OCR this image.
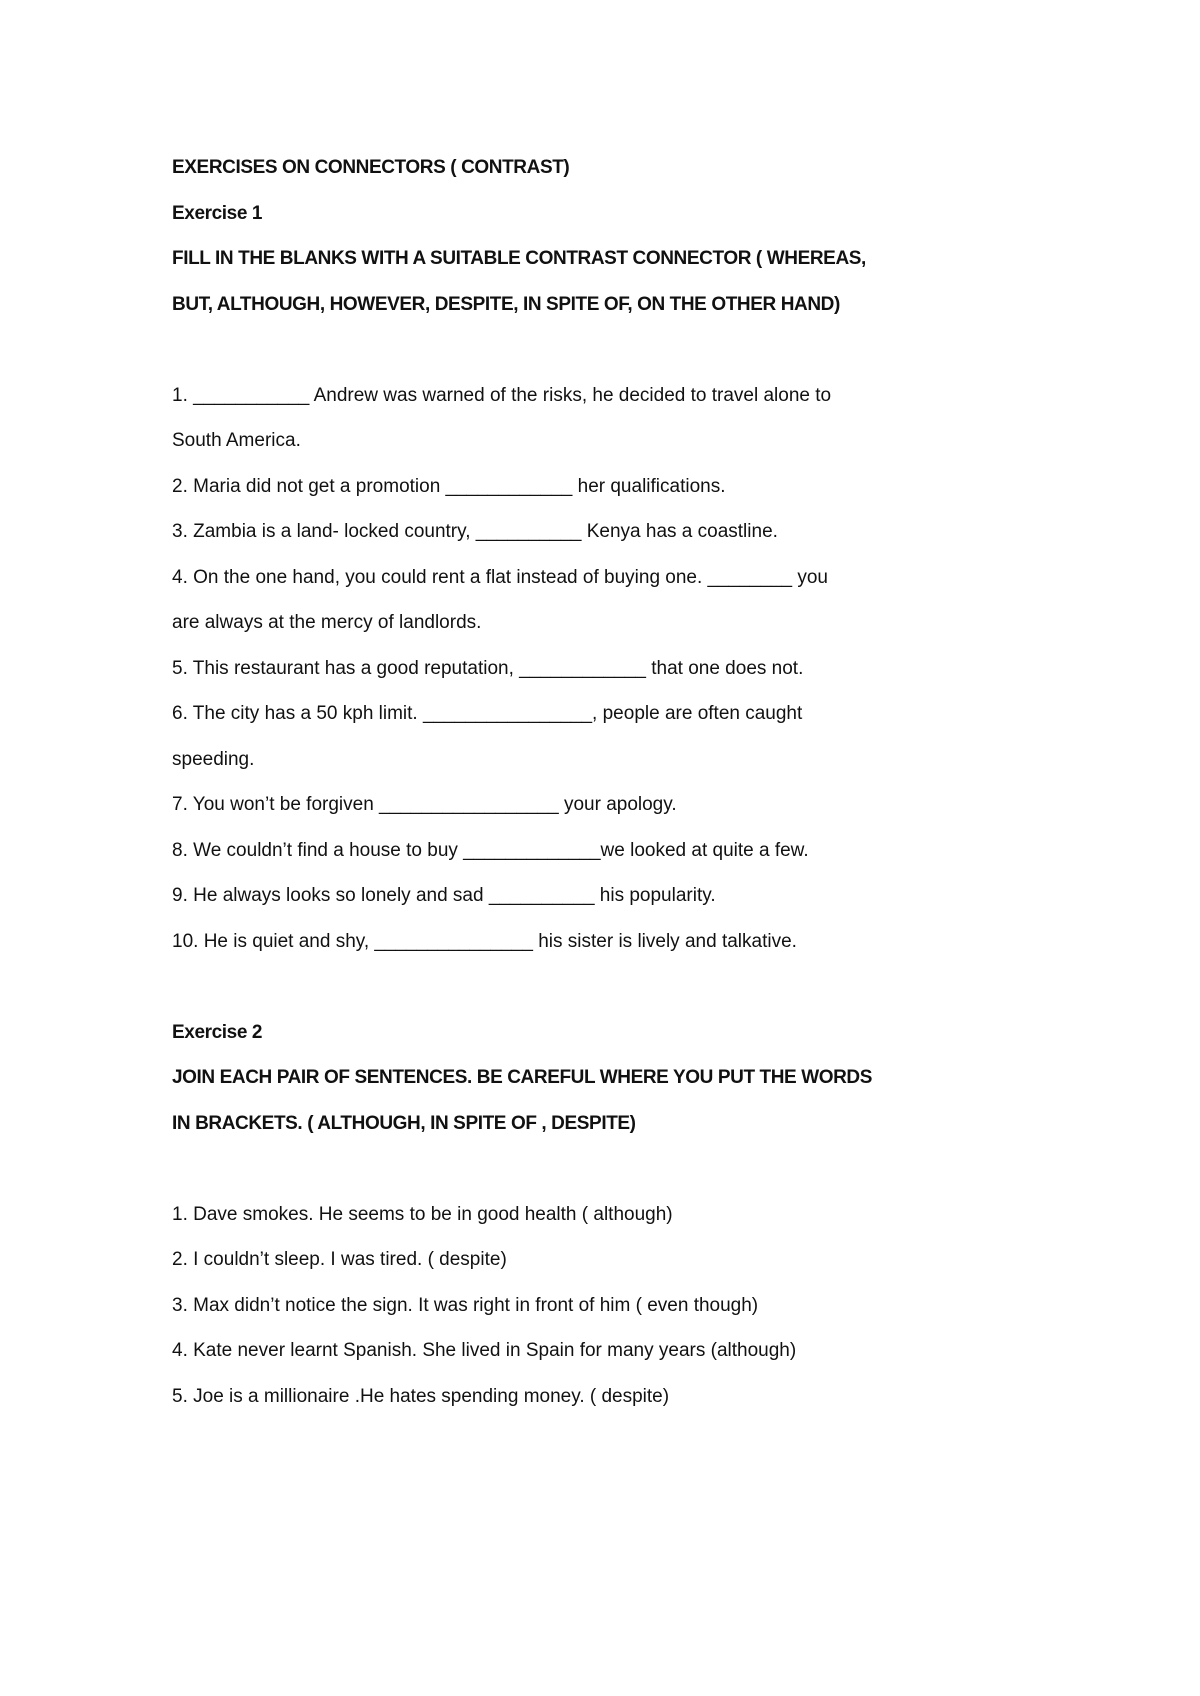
EXERCISES ON CONNECTORS ( CONTRAST)
Exercise 1
FILL IN THE BLANKS WITH A SUITABLE CONTRAST CONNECTOR ( WHEREAS,
BUT, ALTHOUGH, HOWEVER, DESPITE, IN SPITE OF, ON THE OTHER HAND)
1. ___________ Andrew was warned of the risks, he decided to travel alone to
South America.
2. Maria did not get a promotion ____________ her qualifications.
3. Zambia is a land- locked country, __________ Kenya has a coastline.
4. On the one hand, you could rent a flat instead of buying one. ________ you
are always at the mercy of landlords.
5. This restaurant has a good reputation, ____________ that one does not.
6. The city has a 50 kph limit. ________________, people are often caught
speeding.
7. You won’t be forgiven _________________ your apology.
8. We couldn’t find a house to buy _____________we looked at quite a few.
9. He always looks so lonely and sad __________ his popularity.
10. He is quiet and shy, _______________ his sister is lively and talkative.
Exercise 2
JOIN EACH PAIR OF SENTENCES. BE CAREFUL WHERE YOU PUT THE WORDS
IN BRACKETS. ( ALTHOUGH, IN SPITE OF , DESPITE)
1. Dave smokes. He seems to be in good health ( although)
2. I couldn’t sleep. I was tired. ( despite)
3. Max didn’t notice the sign. It was right in front of him ( even though)
4. Kate never learnt Spanish. She lived in Spain for many years (although)
5. Joe is a millionaire .He hates spending money. ( despite)
